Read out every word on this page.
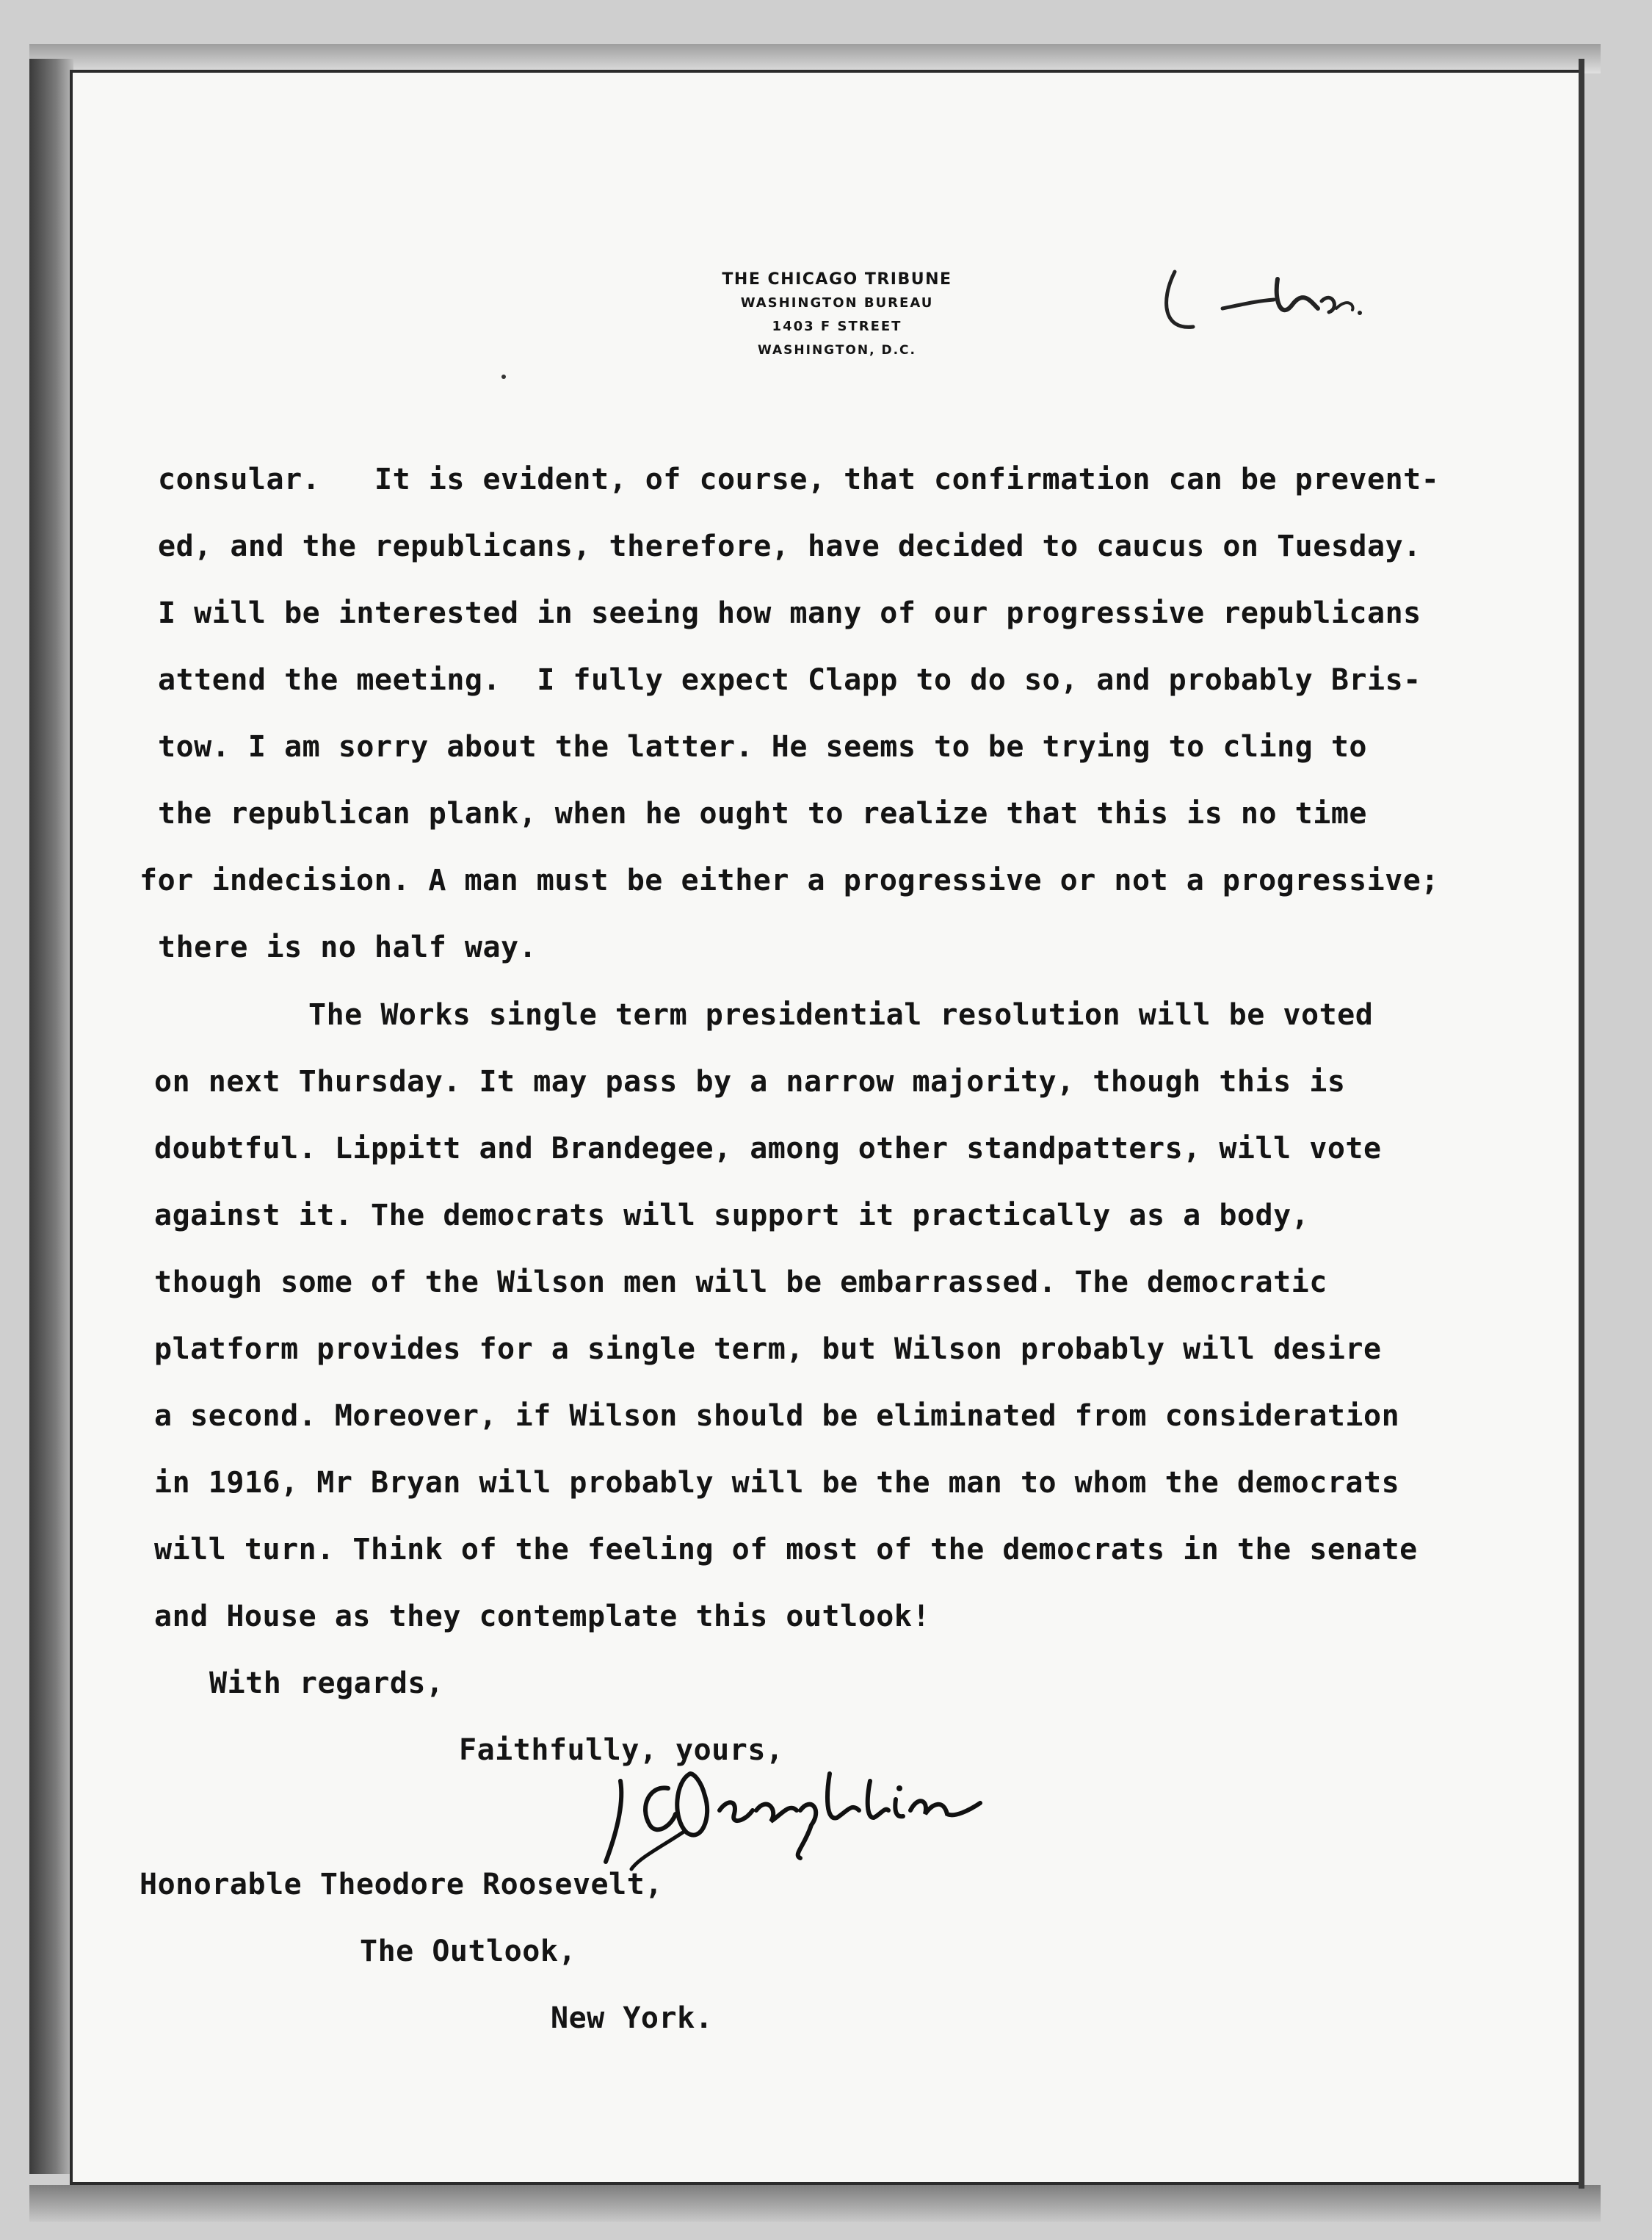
THE CHICAGO TRIBUNE
WASHINGTON BUREAU
1403 F STREET
WASHINGTON, D.C.

consular.   It is evident, of course, that confirmation can be prevent-

ed, and the republicans, therefore, have decided to caucus on Tuesday.

I will be interested in seeing how many of our progressive republicans

attend the meeting.  I fully expect Clapp to do so, and probably Bris-

tow. I am sorry about the latter. He seems to be trying to cling to

the republican plank, when he ought to realize that this is no time

for indecision. A man must be either a progressive or not a progressive;

there is no half way.

The Works single term presidential resolution will be voted

on next Thursday. It may pass by a narrow majority, though this is

doubtful. Lippitt and Brandegee, among other standpatters, will vote

against it. The democrats will support it practically as a body,

though some of the Wilson men will be embarrassed. The democratic

platform provides for a single term, but Wilson probably will desire

a second. Moreover, if Wilson should be eliminated from consideration

in 1916, Mr Bryan will probably will be the man to whom the democrats

will turn. Think of the feeling of most of the democrats in the senate

and House as they contemplate this outlook!

With regards,

Faithfully, yours,

Honorable Theodore Roosevelt,

The Outlook,

New York.
